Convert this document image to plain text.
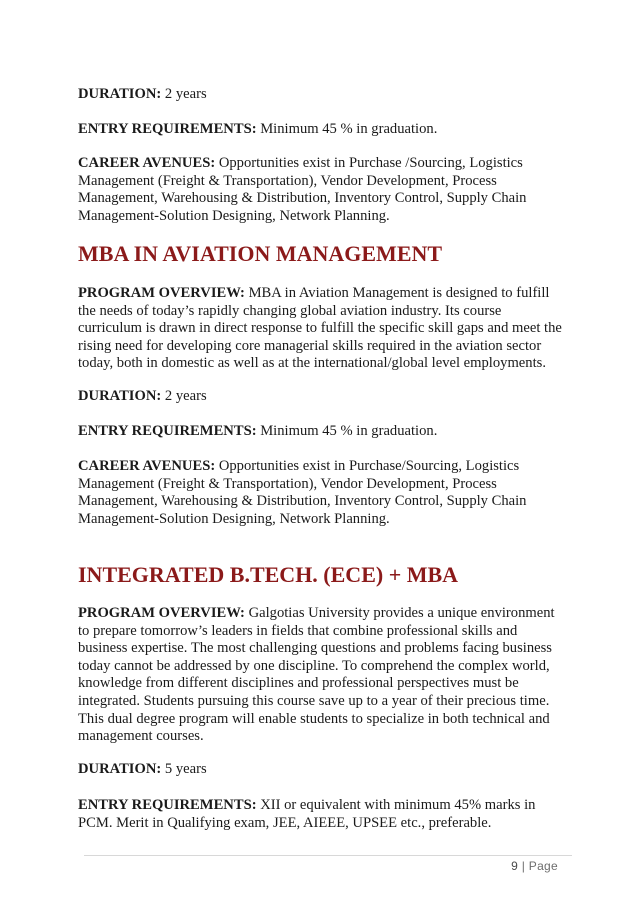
DURATION: 2 years

ENTRY REQUIREMENTS: Minimum 45 % in graduation.

CAREER AVENUES: Opportunities exist in Purchase /Sourcing, Logistics
Management (Freight & Transportation), Vendor Development, Process
Management, Warehousing & Distribution, Inventory Control, Supply Chain
Management-Solution Designing, Network Planning.

MBA IN AVIATION MANAGEMENT

PROGRAM OVERVIEW: MBA in Aviation Management is designed to fulfill
the needs of today’s rapidly changing global aviation industry. Its course
curriculum is drawn in direct response to fulfill the specific skill gaps and meet the
rising need for developing core managerial skills required in the aviation sector
today, both in domestic as well as at the international/global level employments.

DURATION: 2 years

ENTRY REQUIREMENTS: Minimum 45 % in graduation.

CAREER AVENUES: Opportunities exist in Purchase/Sourcing, Logistics
Management (Freight & Transportation), Vendor Development, Process
Management, Warehousing & Distribution, Inventory Control, Supply Chain
Management-Solution Designing, Network Planning.

INTEGRATED B.TECH. (ECE) + MBA

PROGRAM OVERVIEW: Galgotias University provides a unique environment
to prepare tomorrow’s leaders in fields that combine professional skills and
business expertise. The most challenging questions and problems facing business
today cannot be addressed by one discipline. To comprehend the complex world,
knowledge from different disciplines and professional perspectives must be
integrated. Students pursuing this course save up to a year of their precious time.
This dual degree program will enable students to specialize in both technical and
management courses.

DURATION: 5 years

ENTRY REQUIREMENTS: XII or equivalent with minimum 45% marks in
PCM. Merit in Qualifying exam, JEE, AIEEE, UPSEE etc., preferable.

9 | Page
